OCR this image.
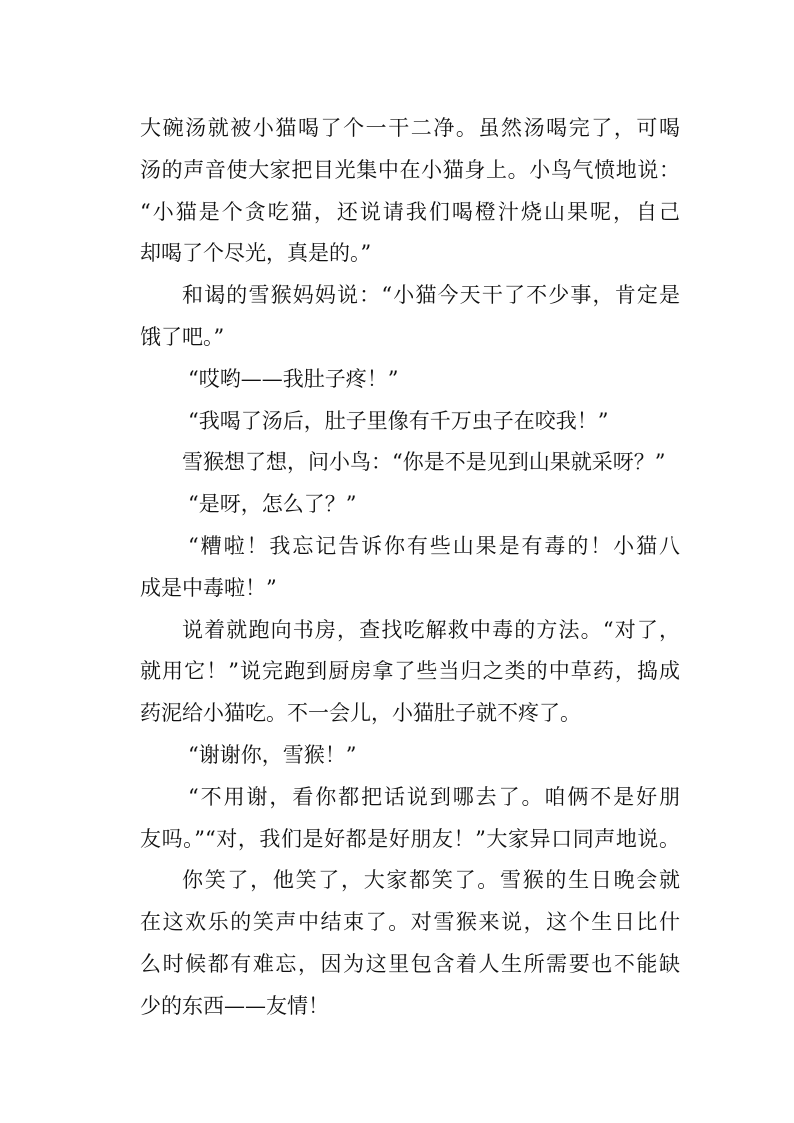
大碗汤就被小猫喝了个一干二净。虽然汤喝完了，可喝
汤的声音使大家把目光集中在小猫身上。小鸟气愤地说：
“小猫是个贪吃猫，还说请我们喝橙汁烧山果呢，自己
却喝了个尽光，真是的。”
和谒的雪猴妈妈说：“小猫今天干了不少事，肯定是
饿了吧。”
“哎哟——我肚子疼！”
“我喝了汤后，肚子里像有千万虫子在咬我！”
雪猴想了想，问小鸟：“你是不是见到山果就采呀？”
“是呀，怎么了？”
“糟啦！我忘记告诉你有些山果是有毒的！小猫八
成是中毒啦！”
说着就跑向书房，查找吃解救中毒的方法。“对了，
就用它！”说完跑到厨房拿了些当归之类的中草药，捣成
药泥给小猫吃。不一会儿，小猫肚子就不疼了。
“谢谢你，雪猴！”
“不用谢，看你都把话说到哪去了。咱俩不是好朋
友吗。”“对，我们是好都是好朋友！”大家异口同声地说。
你笑了，他笑了，大家都笑了。雪猴的生日晚会就
在这欢乐的笑声中结束了。对雪猴来说，这个生日比什
么时候都有难忘，因为这里包含着人生所需要也不能缺
少的东西——友情！
